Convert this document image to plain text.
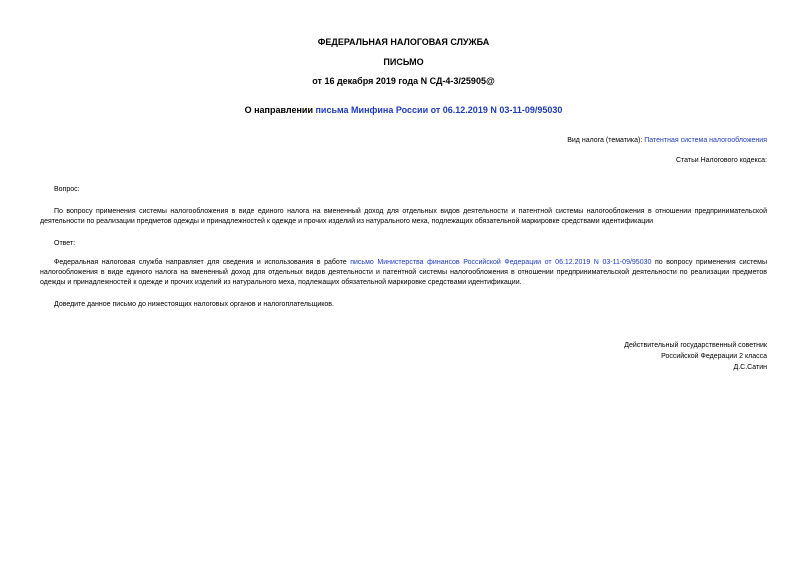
ФЕДЕРАЛЬНАЯ НАЛОГОВАЯ СЛУЖБА
ПИСЬМО
от 16 декабря 2019 года N СД-4-3/25905@
О направлении письма Минфина России от 06.12.2019 N 03-11-09/95030
Вид налога (тематика): Патентная система налогообложения
Статьи Налогового кодекса:
Вопрос:
По вопросу применения системы налогообложения в виде единого налога на вмененный доход для отдельных видов деятельности и патентной системы налогообложения в отношении предпринимательской деятельности по реализации предметов одежды и принадлежностей к одежде и прочих изделий из натурального меха, подлежащих обязательной маркировке средствами идентификации
Ответ:
Федеральная налоговая служба направляет для сведения и использования в работе письмо Министерства финансов Российской Федерации от 06.12.2019 N 03-11-09/95030 по вопросу применения системы налогообложения в виде единого налога на вмененный доход для отдельных видов деятельности и патентной системы налогообложения в отношении предпринимательской деятельности по реализации предметов одежды и принадлежностей к одежде и прочих изделий из натурального меха, подлежащих обязательной маркировке средствами идентификации.
Доведите данное письмо до нижестоящих налоговых органов и налогоплательщиков.
Действительный государственный советник
Российской Федерации 2 класса
Д.С.Сатин
